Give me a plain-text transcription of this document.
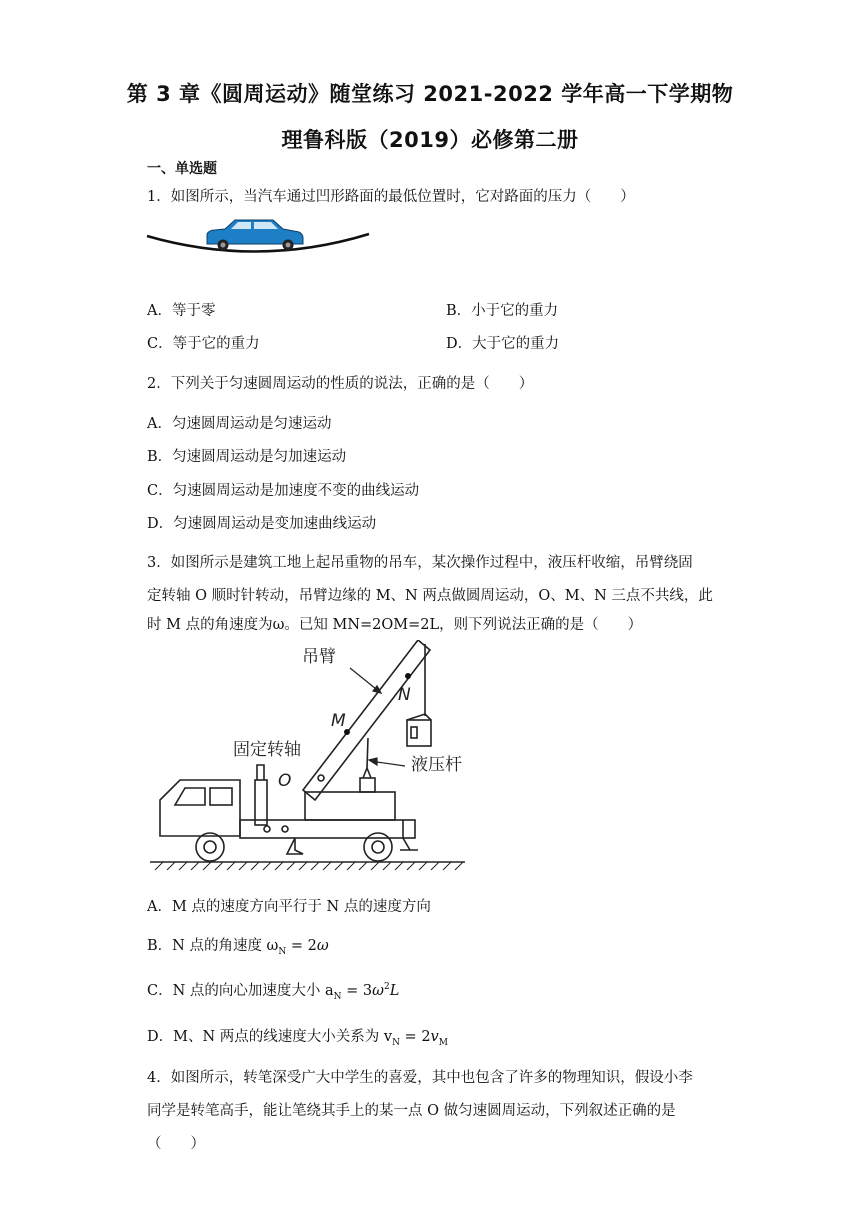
第 3 章《圆周运动》随堂练习 2021-2022 学年高一下学期物
理鲁科版（2019）必修第二册
一、单选题
1．如图所示，当汽车通过凹形路面的最低位置时，它对路面的压力（　　）
A．等于零	B．小于它的重力
C．等于它的重力	D．大于它的重力
2．下列关于匀速圆周运动的性质的说法，正确的是（　　）
A．匀速圆周运动是匀速运动
B．匀速圆周运动是匀加速运动
C．匀速圆周运动是加速度不变的曲线运动
D．匀速圆周运动是变加速曲线运动
3．如图所示是建筑工地上起吊重物的吊车，某次操作过程中，液压杆收缩，吊臂绕固
定转轴 O 顺时针转动，吊臂边缘的 M、N 两点做圆周运动，O、M、N 三点不共线，此
时 M 点的角速度为ω。已知 MN=2OM=2L，则下列说法正确的是（　　）
吊臂
固定转轴
液压杆
O
M
N
A．M 点的速度方向平行于 N 点的速度方向
B．N 点的角速度 $\omega_N = 2\omega$
C．N 点的向心加速度大小 $a_N = 3\omega^2L$
D．M、N 两点的线速度大小关系为 $v_N = 2v_M$
4．如图所示，转笔深受广大中学生的喜爱，其中也包含了许多的物理知识，假设小李
同学是转笔高手，能让笔绕其手上的某一点 O 做匀速圆周运动，下列叙述正确的是
（　　）
